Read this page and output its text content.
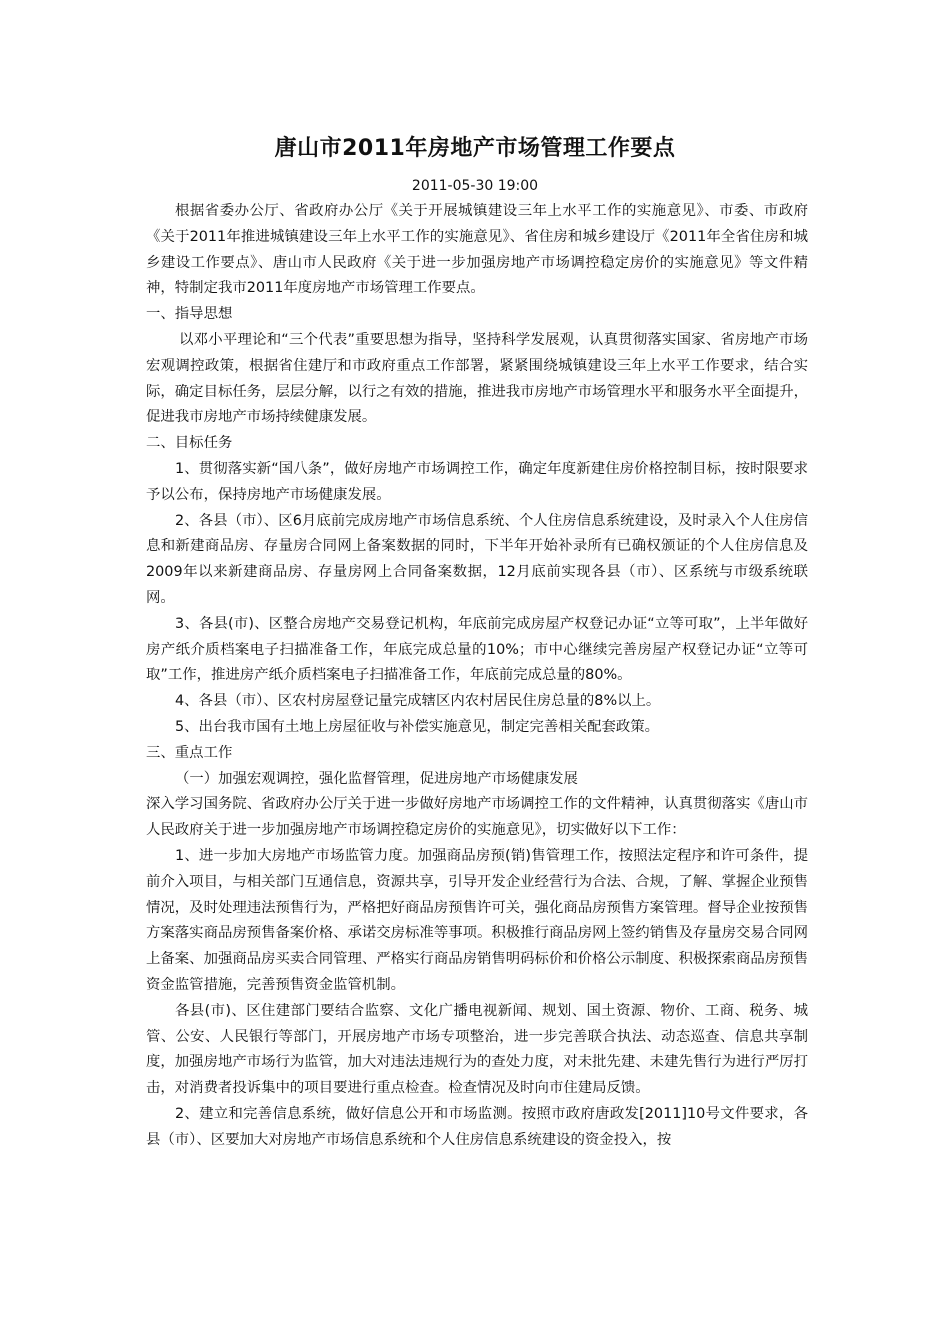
唐山市2011年房地产市场管理工作要点
2011-05-30 19:00

根据省委办公厅、省政府办公厅《关于开展城镇建设三年上水平工作的实施意见》、市委、市政府《关于2011年推进城镇建设三年上水平工作的实施意见》、省住房和城乡建设厅《2011年全省住房和城乡建设工作要点》、唐山市人民政府《关于进一步加强房地产市场调控稳定房价的实施意见》等文件精神，特制定我市2011年度房地产市场管理工作要点。

一、指导思想

以邓小平理论和“三个代表”重要思想为指导，坚持科学发展观，认真贯彻落实国家、省房地产市场宏观调控政策，根据省住建厅和市政府重点工作部署，紧紧围绕城镇建设三年上水平工作要求，结合实际，确定目标任务，层层分解，以行之有效的措施，推进我市房地产市场管理水平和服务水平全面提升，促进我市房地产市场持续健康发展。

二、目标任务

1、贯彻落实新“国八条”，做好房地产市场调控工作，确定年度新建住房价格控制目标，按时限要求予以公布，保持房地产市场健康发展。

2、各县（市）、区6月底前完成房地产市场信息系统、个人住房信息系统建设，及时录入个人住房信息和新建商品房、存量房合同网上备案数据的同时，下半年开始补录所有已确权颁证的个人住房信息及2009年以来新建商品房、存量房网上合同备案数据，12月底前实现各县（市）、区系统与市级系统联网。

3、各县(市)、区整合房地产交易登记机构，年底前完成房屋产权登记办证“立等可取”，上半年做好房产纸介质档案电子扫描准备工作，年底完成总量的10%；市中心继续完善房屋产权登记办证“立等可取”工作，推进房产纸介质档案电子扫描准备工作，年底前完成总量的80%。

4、各县（市）、区农村房屋登记量完成辖区内农村居民住房总量的8%以上。

5、出台我市国有土地上房屋征收与补偿实施意见，制定完善相关配套政策。

三、重点工作

（一）加强宏观调控，强化监督管理，促进房地产市场健康发展

深入学习国务院、省政府办公厅关于进一步做好房地产市场调控工作的文件精神，认真贯彻落实《唐山市人民政府关于进一步加强房地产市场调控稳定房价的实施意见》，切实做好以下工作：

1、进一步加大房地产市场监管力度。加强商品房预(销)售管理工作，按照法定程序和许可条件，提前介入项目，与相关部门互通信息，资源共享，引导开发企业经营行为合法、合规，了解、掌握企业预售情况，及时处理违法预售行为，严格把好商品房预售许可关，强化商品房预售方案管理。督导企业按预售方案落实商品房预售备案价格、承诺交房标准等事项。积极推行商品房网上签约销售及存量房交易合同网上备案、加强商品房买卖合同管理、严格实行商品房销售明码标价和价格公示制度、积极探索商品房预售资金监管措施，完善预售资金监管机制。

各县(市)、区住建部门要结合监察、文化广播电视新闻、规划、国土资源、物价、工商、税务、城管、公安、人民银行等部门，开展房地产市场专项整治，进一步完善联合执法、动态巡查、信息共享制度，加强房地产市场行为监管，加大对违法违规行为的查处力度，对未批先建、未建先售行为进行严厉打击，对消费者投诉集中的项目要进行重点检查。检查情况及时向市住建局反馈。

2、建立和完善信息系统，做好信息公开和市场监测。按照市政府唐政发[2011]10号文件要求，各县（市）、区要加大对房地产市场信息系统和个人住房信息系统建设的资金投入，按
